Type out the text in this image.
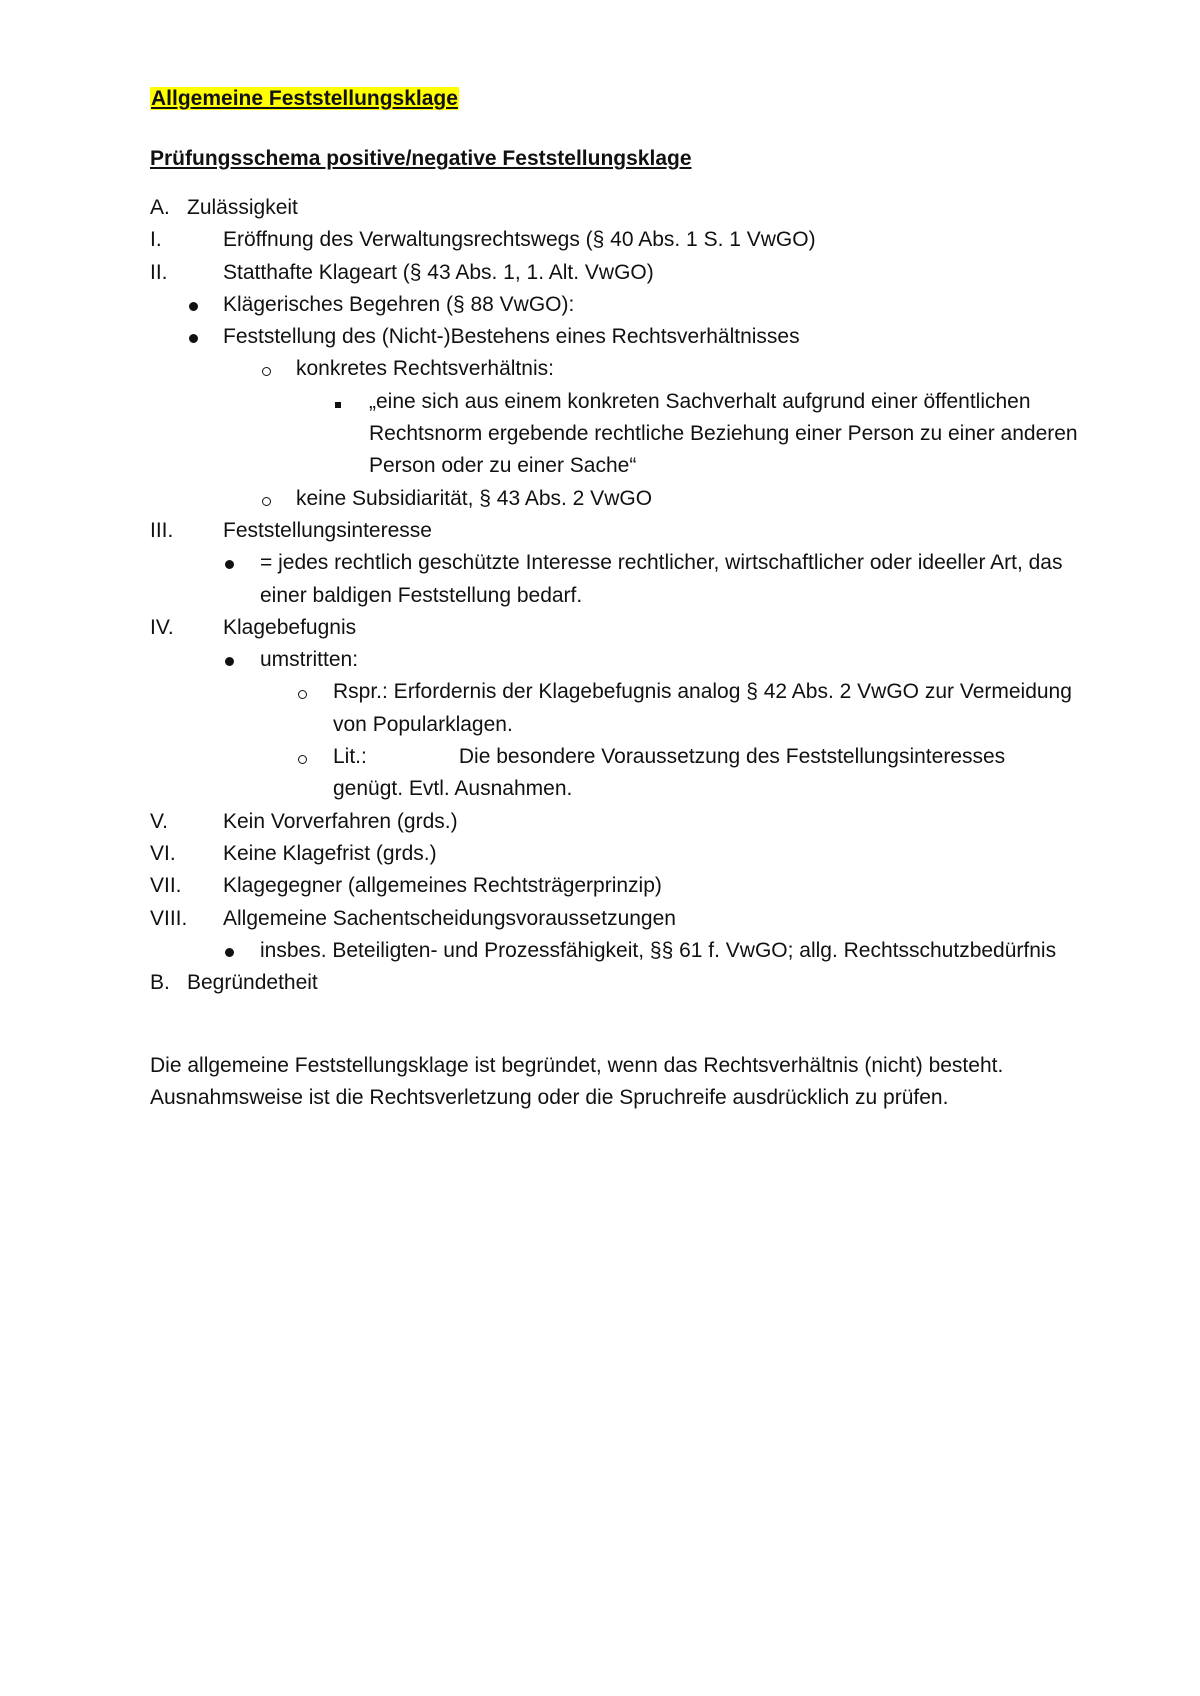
Allgemeine Feststellungsklage
Prüfungsschema positive/negative Feststellungsklage
A. Zulässigkeit
I.	Eröffnung des Verwaltungsrechtswegs (§ 40 Abs. 1 S. 1 VwGO)
II.	Statthafte Klageart (§ 43 Abs. 1, 1. Alt. VwGO)
Klägerisches Begehren (§ 88 VwGO):
Feststellung des (Nicht-)Bestehens eines Rechtsverhältnisses
konkretes Rechtsverhältnis:
„eine sich aus einem konkreten Sachverhalt aufgrund einer öffentlichen Rechtsnorm ergebende rechtliche Beziehung einer Person zu einer anderen Person oder zu einer Sache“
keine Subsidiarität, § 43 Abs. 2 VwGO
III.	Feststellungsinteresse
= jedes rechtlich geschützte Interesse rechtlicher, wirtschaftlicher oder ideeller Art, das einer baldigen Feststellung bedarf.
IV.	Klagebefugnis
umstritten:
Rspr.: Erfordernis der Klagebefugnis analog § 42 Abs. 2 VwGO zur Vermeidung von Popularklagen.
Lit.:	Die besondere Voraussetzung des Feststellungsinteresses genügt. Evtl. Ausnahmen.
V.	Kein Vorverfahren (grds.)
VI.	Keine Klagefrist (grds.)
VII.	Klagegegner (allgemeines Rechtsträgerprinzip)
VIII.	Allgemeine Sachentscheidungsvoraussetzungen
insbes. Beteiligten- und Prozessfähigkeit, §§ 61 f. VwGO; allg. Rechtsschutzbedürfnis
B. Begründetheit

Die allgemeine Feststellungsklage ist begründet, wenn das Rechtsverhältnis (nicht) besteht.

Ausnahmsweise ist die Rechtsverletzung oder die Spruchreife ausdrücklich zu prüfen.
